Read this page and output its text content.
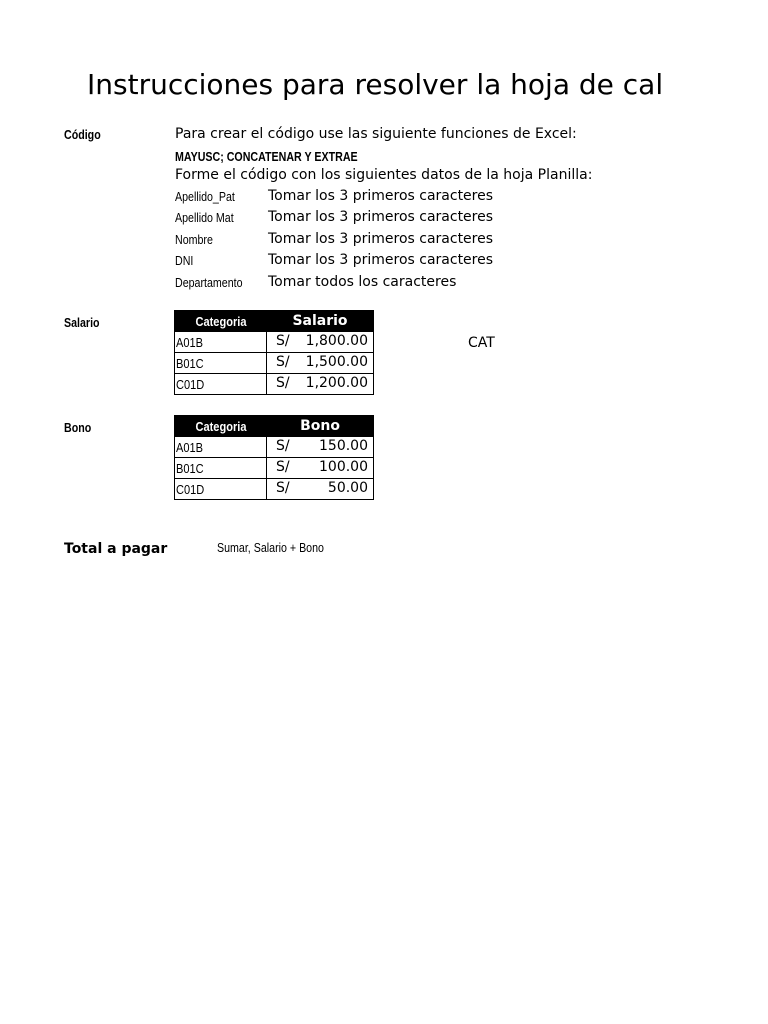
Instrucciones para resolver la hoja de cal
Código	Para crear el código use las siguiente funciones de Excel:
MAYUSC; CONCATENAR Y EXTRAE
Forme el código con los siguientes datos de la hoja Planilla:
Apellido_Pat Tomar los 3 primeros caracteres
Apellido Mat Tomar los 3 primeros caracteres
Nombre	Tomar los 3 primeros caracteres
DNI	Tomar los 3 primeros caracteres
Departamento Tomar todos los caracteres
Salario	Categoria	Salario
A01B	S/ 1,800.00

B01C	S/ 1,500.00

C01D	S/ 1,200.00
CAT
Bono	Categoria	Bono
A01B	S/ 150.00

B01C	S/ 100.00

C01D	S/ 50.00
Total a pagar	Sumar, Salario + Bono
